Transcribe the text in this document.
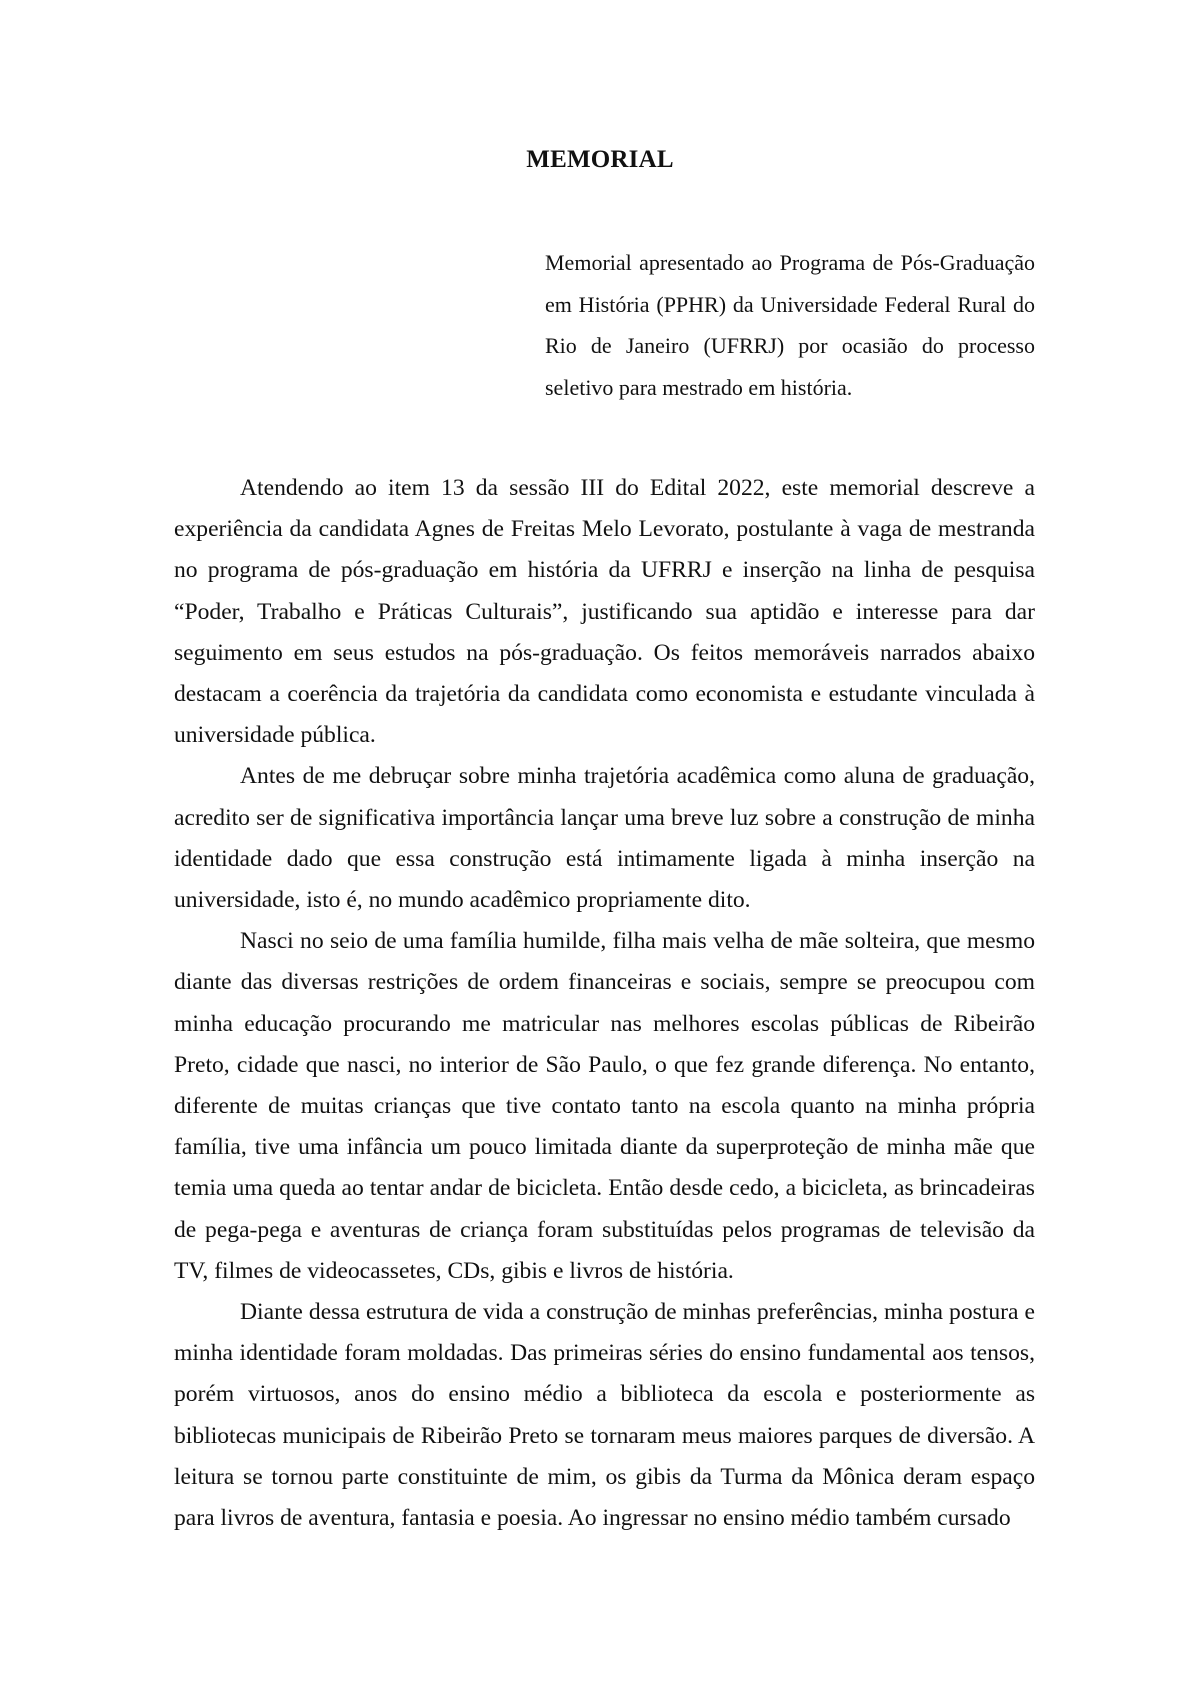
MEMORIAL

Memorial apresentado ao Programa de Pós-Graduação em História (PPHR) da Universidade Federal Rural do Rio de Janeiro (UFRRJ) por ocasião do processo seletivo para mestrado em história.

Atendendo ao item 13 da sessão III do Edital 2022, este memorial descreve a experiência da candidata Agnes de Freitas Melo Levorato, postulante à vaga de mestranda no programa de pós-graduação em história da UFRRJ e inserção na linha de pesquisa “Poder, Trabalho e Práticas Culturais”, justificando sua aptidão e interesse para dar seguimento em seus estudos na pós-graduação. Os feitos memoráveis narrados abaixo destacam a coerência da trajetória da candidata como economista e estudante vinculada à universidade pública.

Antes de me debruçar sobre minha trajetória acadêmica como aluna de graduação, acredito ser de significativa importância lançar uma breve luz sobre a construção de minha identidade dado que essa construção está intimamente ligada à minha inserção na universidade, isto é, no mundo acadêmico propriamente dito.

Nasci no seio de uma família humilde, filha mais velha de mãe solteira, que mesmo diante das diversas restrições de ordem financeiras e sociais, sempre se preocupou com minha educação procurando me matricular nas melhores escolas públicas de Ribeirão Preto, cidade que nasci, no interior de São Paulo, o que fez grande diferença. No entanto, diferente de muitas crianças que tive contato tanto na escola quanto na minha própria família, tive uma infância um pouco limitada diante da superproteção de minha mãe que temia uma queda ao tentar andar de bicicleta. Então desde cedo, a bicicleta, as brincadeiras de pega-pega e aventuras de criança foram substituídas pelos programas de televisão da TV, filmes de videocassetes, CDs, gibis e livros de história.

Diante dessa estrutura de vida a construção de minhas preferências, minha postura e minha identidade foram moldadas. Das primeiras séries do ensino fundamental aos tensos, porém virtuosos, anos do ensino médio a biblioteca da escola e posteriormente as bibliotecas municipais de Ribeirão Preto se tornaram meus maiores parques de diversão. A leitura se tornou parte constituinte de mim, os gibis da Turma da Mônica deram espaço para livros de aventura, fantasia e poesia. Ao ingressar no ensino médio também cursado
